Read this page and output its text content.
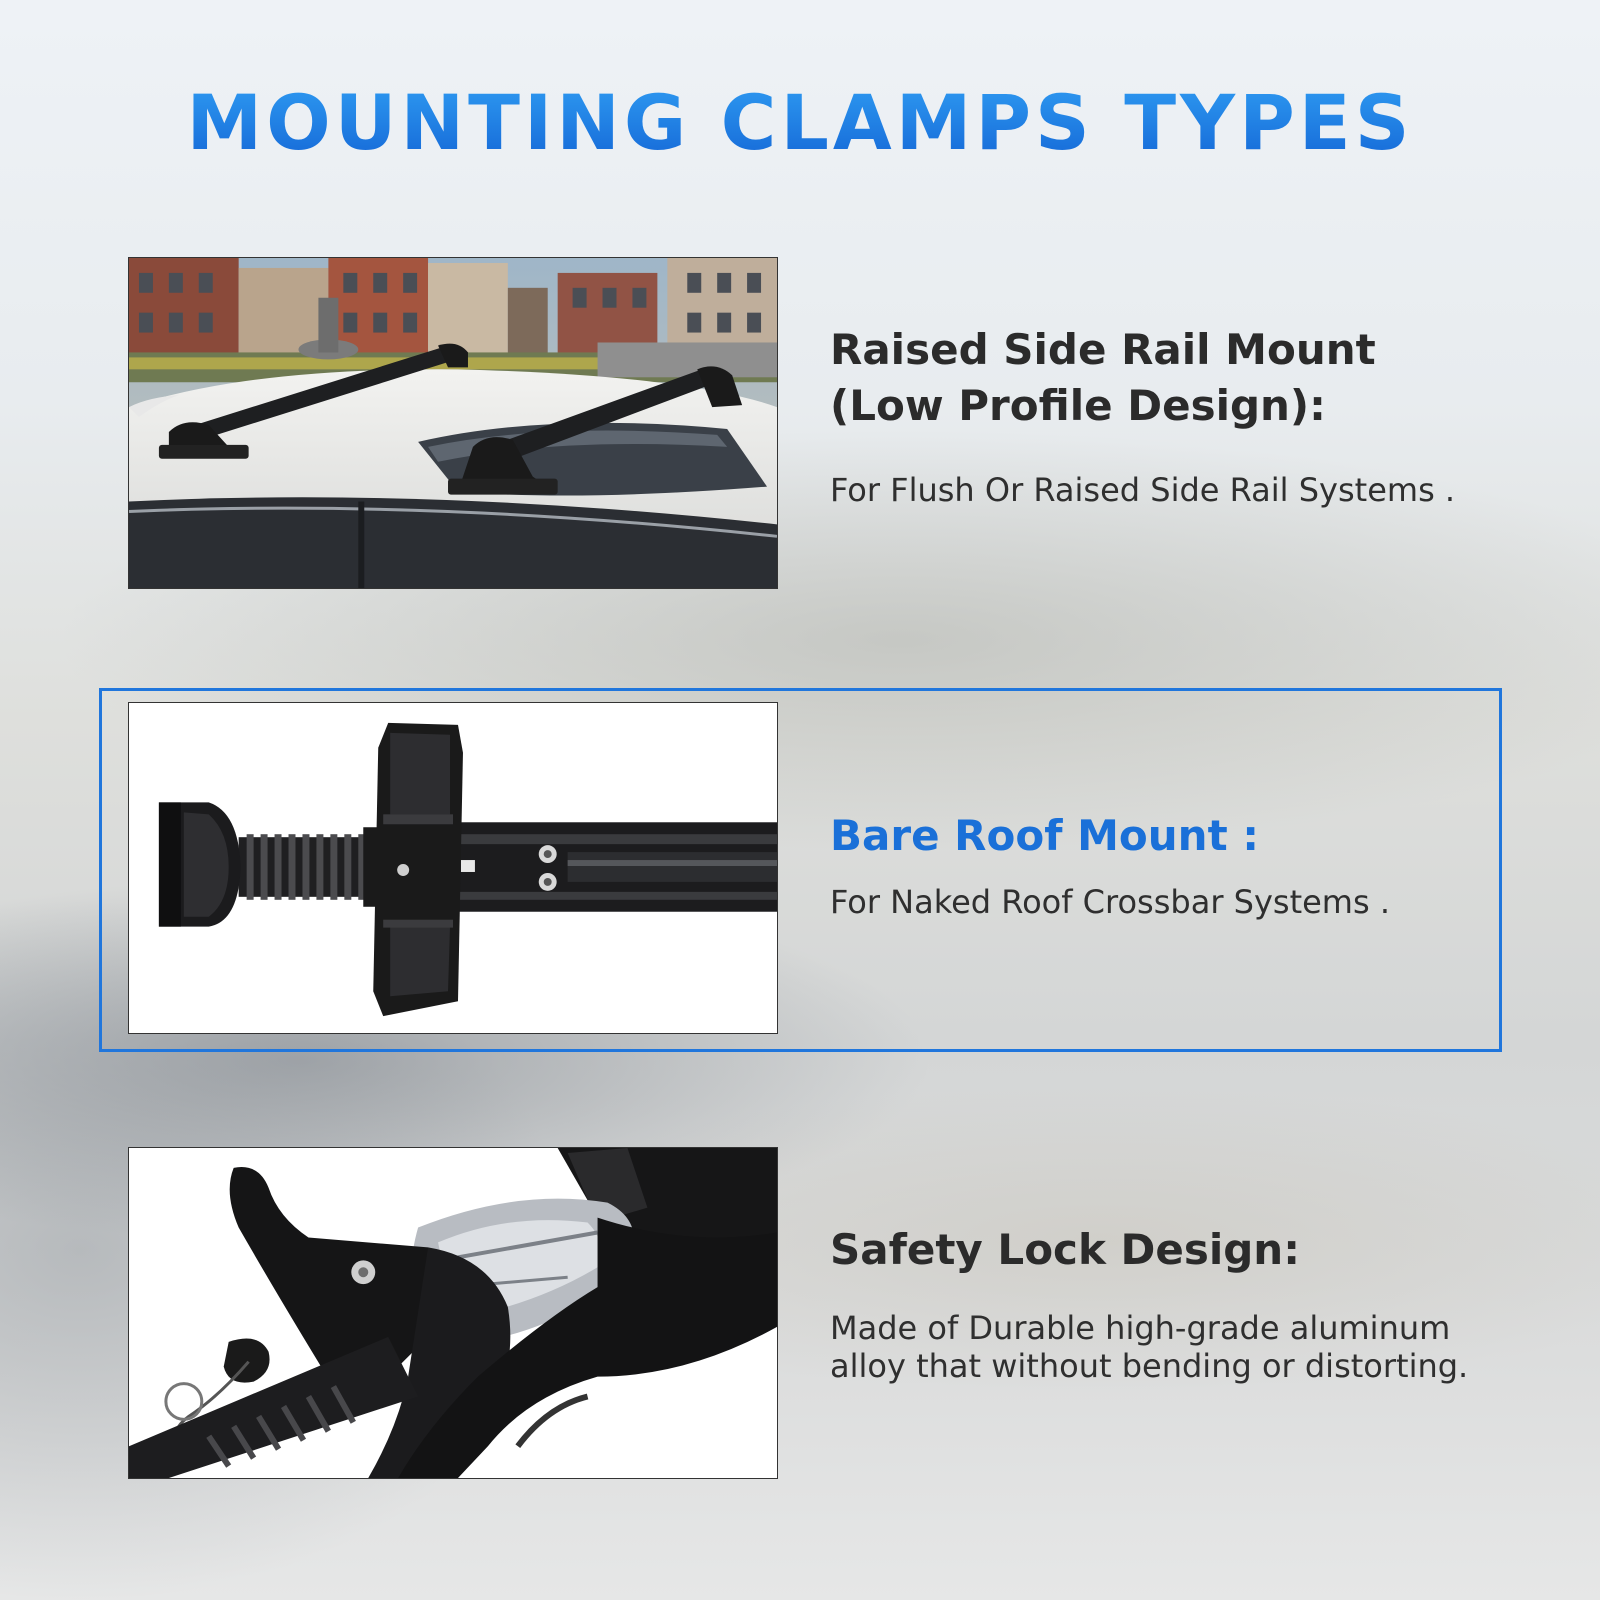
MOUNTING CLAMPS TYPES
Raised Side Rail Mount
(Low Profile Design):
For Flush Or Raised Side Rail Systems .
Bare Roof Mount :
For Naked Roof Crossbar Systems .
Safety Lock Design:
Made of Durable high-grade aluminum
alloy that without bending or distorting.
